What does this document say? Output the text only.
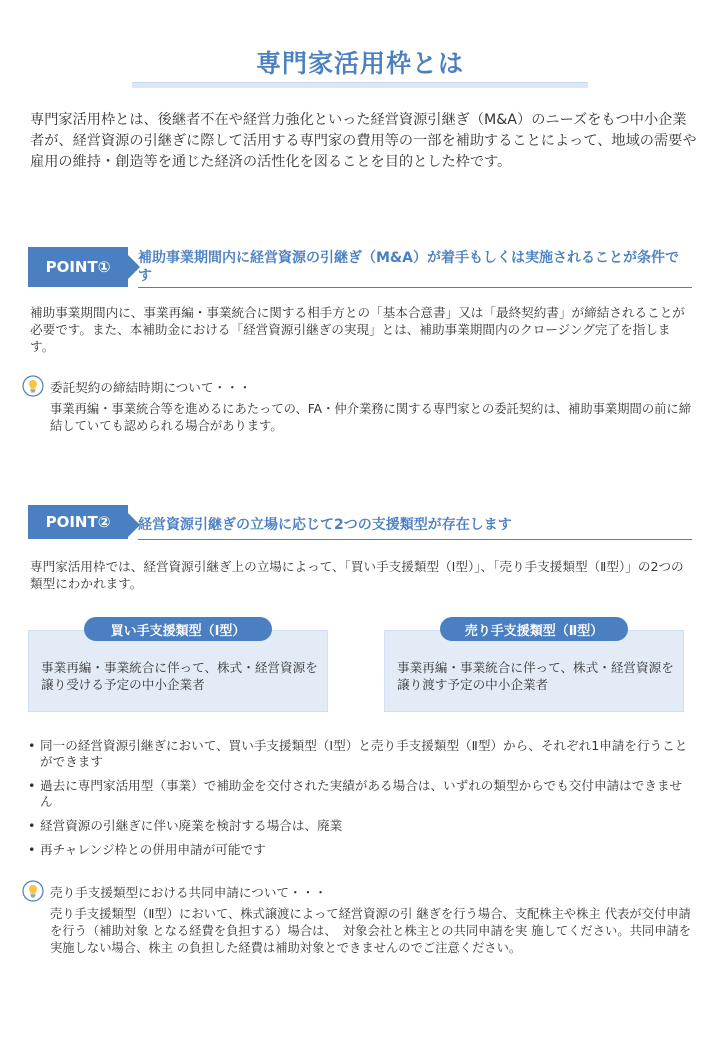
専門家活用枠とは

専門家活用枠とは、後継者不在や経営力強化といった経営資源引継ぎ（M&A）のニーズをもつ中小企業者が、経営資源の引継ぎに際して活用する専門家の費用等の一部を補助することによって、地域の需要や雇用の維持・創造等を通じた経済の活性化を図ることを目的とした枠です。

POINT①	補助事業期間内に経営資源の引継ぎ（M&A）が着手もしくは実施されることが条件です

補助事業期間内に、事業再編・事業統合に関する相手方との「基本合意書」又は「最終契約書」が締結されることが必要です。また、本補助金における「経営資源引継ぎの実現」とは、補助事業期間内のクロージング完了を指します。

委託契約の締結時期について・・・

事業再編・事業統合等を進めるにあたっての、FA・仲介業務に関する専門家との委託契約は、補助事業期間の前に締結していても認められる場合があります。

POINT②	経営資源引継ぎの立場に応じて2つの支援類型が存在します

専門家活用枠では、経営資源引継ぎ上の立場によって、「買い手支援類型（Ⅰ型）」、「売り手支援類型（Ⅱ型）」の2つの類型にわかれます。

事業再編・事業統合に伴って、株式・経営資源を譲り受ける予定の中小企業者

買い手支援類型（Ⅰ型）

事業再編・事業統合に伴って、株式・経営資源を譲り渡す予定の中小企業者

売り手支援類型（Ⅱ型）
• 同一の経営資源引継ぎにおいて、買い手支援類型（Ⅰ型）と売り手支援類型（Ⅱ型）から、それぞれ1申請を行うことができます
• 過去に専門家活用型（事業）で補助金を交付された実績がある場合は、いずれの類型からでも交付申請はできません
• 経営資源の引継ぎに伴い廃業を検討する場合は、廃業
• 再チャレンジ枠との併用申請が可能です
売り手支援類型における共同申請について・・・

売り手支援類型（Ⅱ型）において、株式譲渡によって経営資源の引 継ぎを行う場合、支配株主や株主 代表が交付申請を行う（補助対象 となる経費を負担する）場合は、　対象会社と株主との共同申請を実 施してください。共同申請を実施しない場合、株主 の負担した経費は補助対象とできませんのでご注意ください。
